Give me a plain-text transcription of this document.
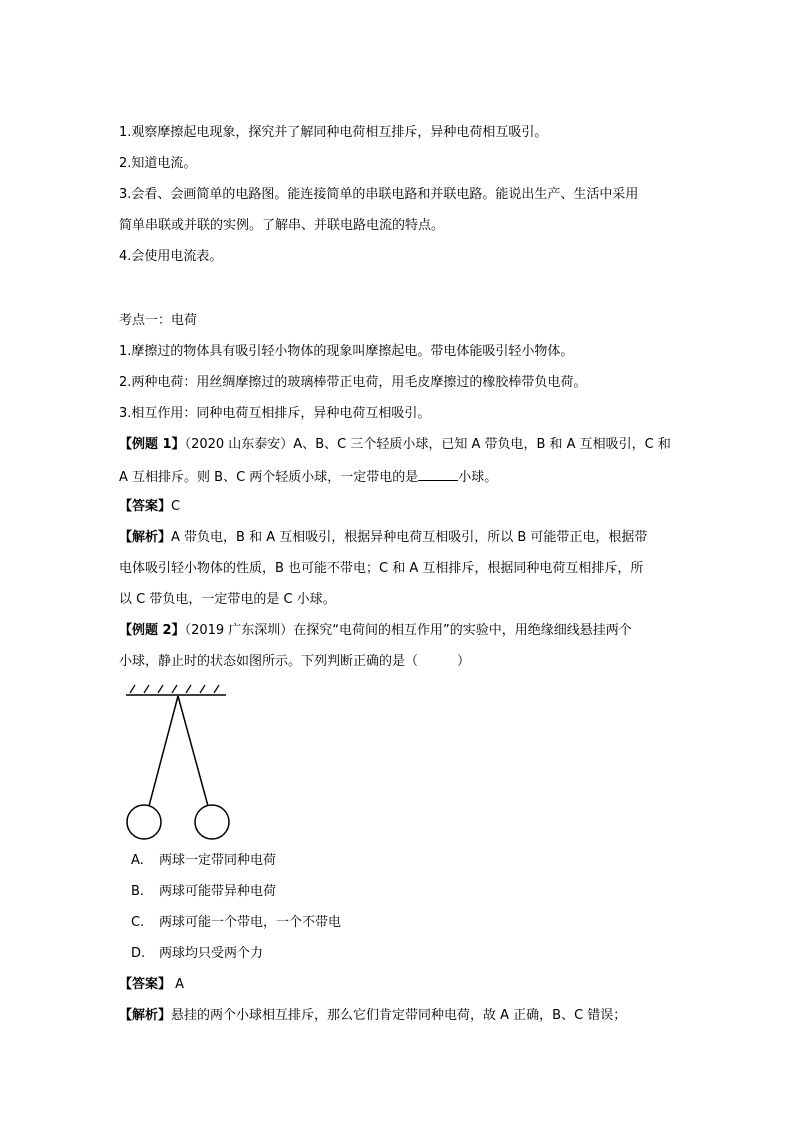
1.观察摩擦起电现象，探究并了解同种电荷相互排斥，异种电荷相互吸引。
2.知道电流。
3.会看、会画简单的电路图。能连接简单的串联电路和并联电路。能说出生产、生活中采用
简单串联或并联的实例。了解串、并联电路电流的特点。
4.会使用电流表。
考点一：电荷
1.摩擦过的物体具有吸引轻小物体的现象叫摩擦起电。带电体能吸引轻小物体。
2.两种电荷：用丝绸摩擦过的玻璃棒带正电荷，用毛皮摩擦过的橡胶棒带负电荷。
3.相互作用：同种电荷互相排斥，异种电荷互相吸引。
【例题 1】（2020 山东泰安）A、B、C 三个轻质小球，已知 A 带负电，B 和 A 互相吸引，C 和
A 互相排斥。则 B、C 两个轻质小球，一定带电的是	小球。
【答案】C
【解析】A 带负电，B 和 A 互相吸引，根据异种电荷互相吸引，所以 B 可能带正电，根据带
电体吸引轻小物体的性质，B 也可能不带电；C 和 A 互相排斥，根据同种电荷互相排斥，所
以 C 带负电，一定带电的是 C 小球。
【例题 2】（2019 广东深圳）在探究“电荷间的相互作用”的实验中，用绝缘细线悬挂两个
小球，静止时的状态如图所示。下列判断正确的是（　　　）
A. 两球一定带同种电荷
B. 两球可能带异种电荷
C. 两球可能一个带电，一个不带电
D. 两球均只受两个力
【答案】 A
【解析】悬挂的两个小球相互排斥，那么它们肯定带同种电荷，故 A 正确，B、C 错误；
